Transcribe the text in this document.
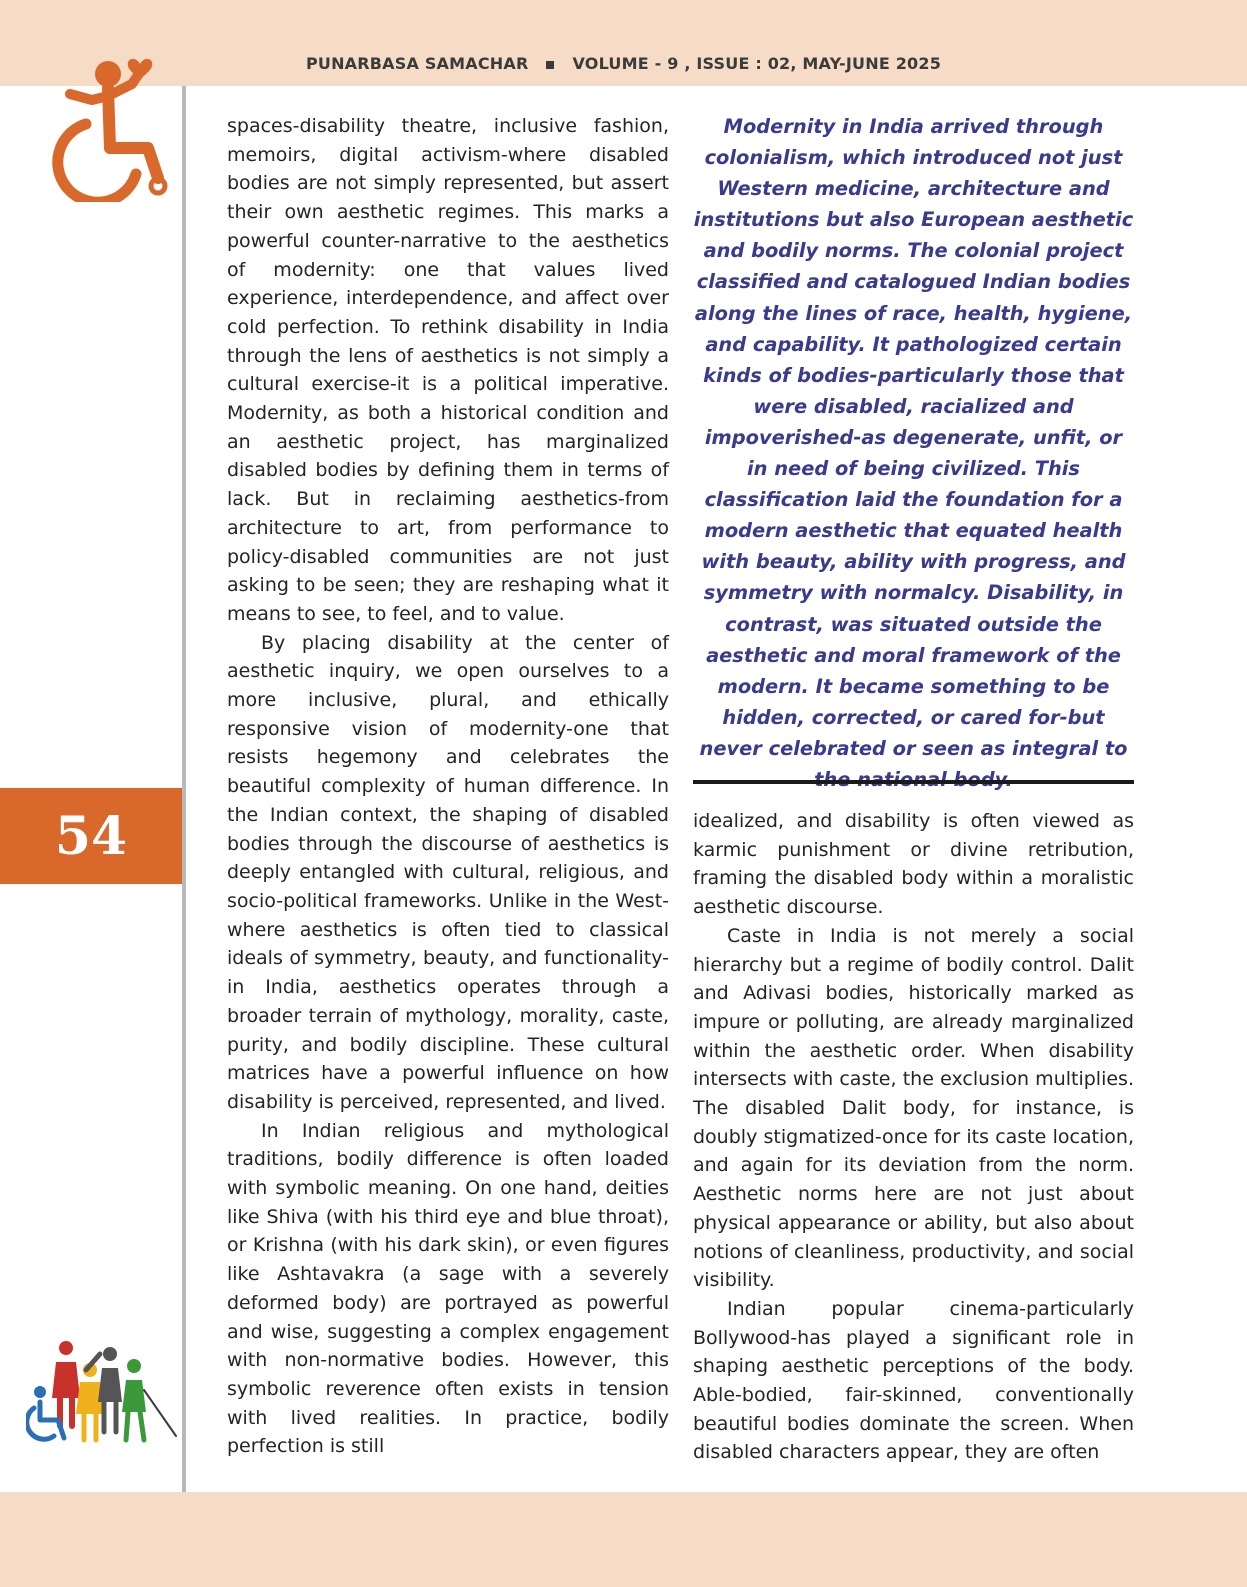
PUNARBASA SAMACHAR	VOLUME - 9 , ISSUE : 02, MAY-JUNE 2025
54

spaces-disability theatre, inclusive fashion, memoirs, digital activism-where disabled bodies are not simply represented, but assert their own aesthetic regimes. This marks a powerful counter-narrative to the aesthetics of modernity: one that values lived experience, interdependence, and affect over cold perfection. To rethink disability in India through the lens of aesthetics is not simply a cultural exercise-it is a political imperative. Modernity, as both a historical condition and an aesthetic project, has marginalized disabled bodies by defining them in terms of lack. But in reclaiming aesthetics-from architecture to art, from performance to policy-disabled communities are not just asking to be seen; they are reshaping what it means to see, to feel, and to value.

By placing disability at the center of aesthetic inquiry, we open ourselves to a more inclusive, plural, and ethically responsive vision of modernity-one that resists hegemony and celebrates the beautiful complexity of human difference. In the Indian context, the shaping of disabled bodies through the discourse of aesthetics is deeply entangled with cultural, religious, and socio-political frameworks. Unlike in the West-where aesthetics is often tied to classical ideals of symmetry, beauty, and functionality-in India, aesthetics operates through a broader terrain of mythology, morality, caste, purity, and bodily discipline. These cultural matrices have a powerful influence on how disability is perceived, represented, and lived.

In Indian religious and mythological traditions, bodily difference is often loaded with symbolic meaning. On one hand, deities like Shiva (with his third eye and blue throat), or Krishna (with his dark skin), or even figures like Ashtavakra (a sage with a severely deformed body) are portrayed as powerful and wise, suggesting a complex engagement with non-normative bodies. However, this symbolic reverence often exists in tension with lived realities. In practice, bodily perfection is still

Modernity in India arrived through colonialism, which introduced not just Western medicine, architecture and institutions but also European aesthetic and bodily norms. The colonial project classified and catalogued Indian bodies along the lines of race, health, hygiene, and capability. It pathologized certain kinds of bodies-particularly those that were disabled, racialized and impoverished-as degenerate, unfit, or in need of being civilized. This classification laid the foundation for a modern aesthetic that equated health with beauty, ability with progress, and symmetry with normalcy. Disability, in contrast, was situated outside the aesthetic and moral framework of the modern. It became something to be hidden, corrected, or cared for-but never celebrated or seen as integral to

idealized, and disability is often viewed as karmic punishment or divine retribution, framing the disabled body within a moralistic aesthetic discourse.

Caste in India is not merely a social hierarchy but a regime of bodily control. Dalit and Adivasi bodies, historically marked as impure or polluting, are already marginalized within the aesthetic order. When disability intersects with caste, the exclusion multiplies. The disabled Dalit body, for instance, is doubly stigmatized-once for its caste location, and again for its deviation from the norm. Aesthetic norms here are not just about physical appearance or ability, but also about notions of cleanliness, productivity, and social visibility.

Indian popular cinema-particularly Bollywood-has played a significant role in shaping aesthetic perceptions of the body. Able-bodied, fair-skinned, conventionally beautiful bodies dominate the screen. When disabled characters appear, they are often
